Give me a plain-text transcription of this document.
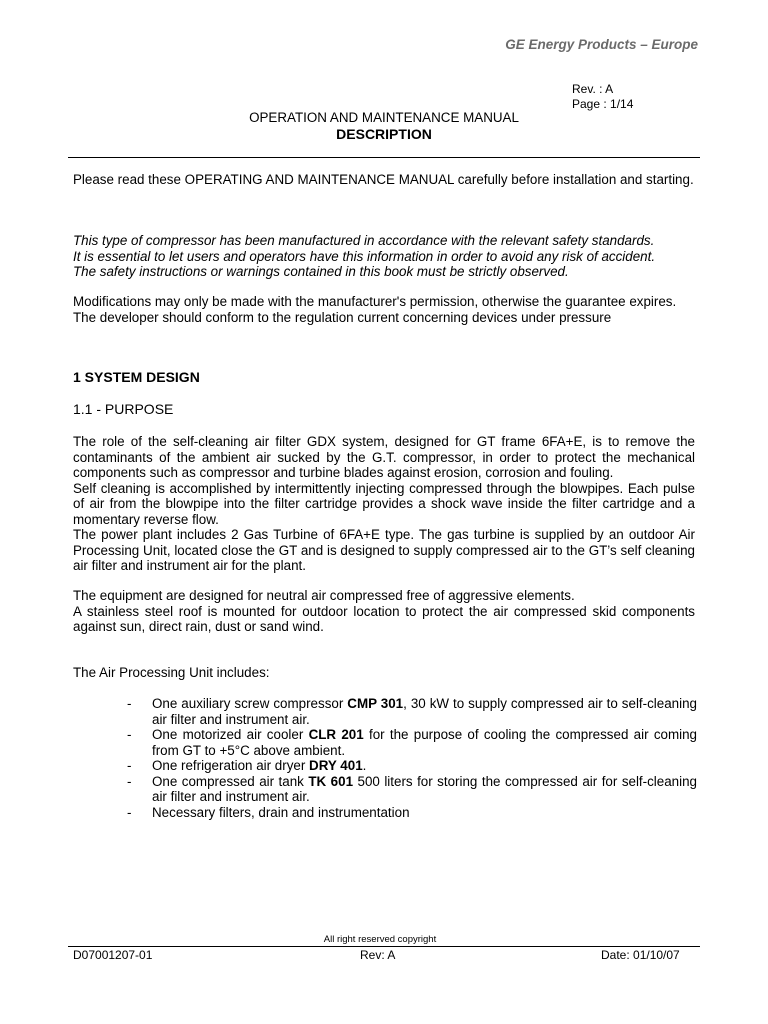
GE Energy Products – Europe
Rev. : A
Page : 1/14
OPERATION AND MAINTENANCE MANUAL
DESCRIPTION

Please read these OPERATING AND MAINTENANCE MANUAL carefully before installation and starting.

This type of compressor has been manufactured in accordance with the relevant safety standards.

It is essential to let users and operators have this information in order to avoid any risk of accident.

The safety instructions or warnings contained in this book must be strictly observed.

Modifications may only be made with the manufacturer's permission, otherwise the guarantee expires.

The developer should conform to the regulation current concerning devices under pressure

1 SYSTEM DESIGN
1.1 - PURPOSE

The role of the self-cleaning air filter GDX system, designed for GT frame 6FA+E, is to remove the contaminants of the ambient air sucked by the G.T. compressor, in order to protect the mechanical components such as compressor and turbine blades against erosion, corrosion and fouling.

Self cleaning is accomplished by intermittently injecting compressed through the blowpipes. Each pulse of air from the blowpipe into the filter cartridge provides a shock wave inside the filter cartridge and a momentary reverse flow.

The power plant includes 2 Gas Turbine of 6FA+E type. The gas turbine is supplied by an outdoor Air Processing Unit, located close the GT and is designed to supply compressed air to the GT’s self cleaning air filter and instrument air for the plant.

The equipment are designed for neutral air compressed free of aggressive elements.

A stainless steel roof is mounted for outdoor location to protect the air compressed skid components against sun, direct rain, dust or sand wind.

The Air Processing Unit includes:

- One auxiliary screw compressor CMP 301, 30 kW to supply compressed air to self-cleaning air filter and instrument air.
- One motorized air cooler CLR 201 for the purpose of cooling the compressed air coming from GT to +5°C above ambient.
- One refrigeration air dryer DRY 401.
- One compressed air tank TK 601 500 liters for storing the compressed air for self-cleaning air filter and instrument air.
- Necessary filters, drain and instrumentation
All right reserved copyright
D07001207-01	Rev: A	Date: 01/10/07
